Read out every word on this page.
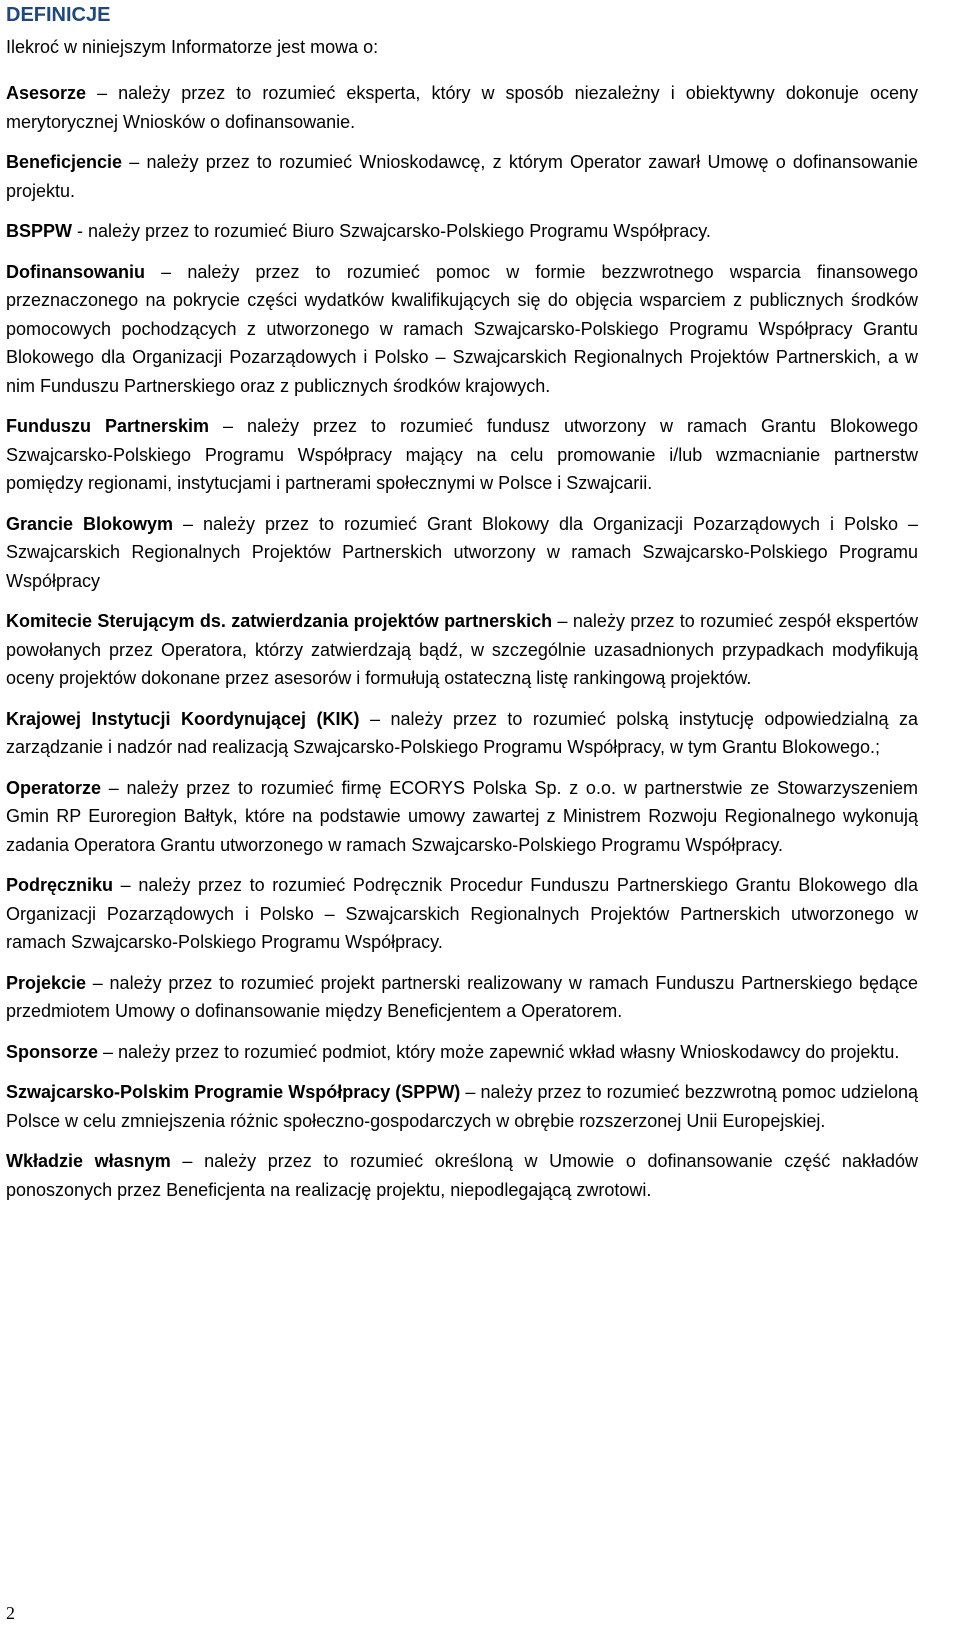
DEFINICJE

Ilekroć w niniejszym Informatorze jest mowa o:

Asesorze – należy przez to rozumieć eksperta, który w sposób niezależny i obiektywny dokonuje oceny merytorycznej Wniosków o dofinansowanie.

Beneficjencie – należy przez to rozumieć Wnioskodawcę, z którym Operator zawarł Umowę o dofinansowanie projektu.

BSPPW - należy przez to rozumieć Biuro Szwajcarsko-Polskiego Programu Współpracy.

Dofinansowaniu – należy przez to rozumieć pomoc w formie bezzwrotnego wsparcia finansowego przeznaczonego na pokrycie części wydatków kwalifikujących się do objęcia wsparciem z publicznych środków pomocowych pochodzących z utworzonego w ramach Szwajcarsko-Polskiego Programu Współpracy Grantu Blokowego dla Organizacji Pozarządowych i Polsko – Szwajcarskich Regionalnych Projektów Partnerskich, a w nim Funduszu Partnerskiego oraz z publicznych środków krajowych.

Funduszu Partnerskim – należy przez to rozumieć fundusz utworzony w ramach Grantu Blokowego Szwajcarsko-Polskiego Programu Współpracy mający na celu promowanie i/lub wzmacnianie partnerstw pomiędzy regionami, instytucjami i partnerami społecznymi w Polsce i Szwajcarii.

Grancie Blokowym – należy przez to rozumieć Grant Blokowy dla Organizacji Pozarządowych i Polsko – Szwajcarskich Regionalnych Projektów Partnerskich utworzony w ramach Szwajcarsko-Polskiego Programu Współpracy

Komitecie Sterującym ds. zatwierdzania projektów partnerskich – należy przez to rozumieć zespół ekspertów powołanych przez Operatora, którzy zatwierdzają bądź, w szczególnie uzasadnionych przypadkach modyfikują oceny projektów dokonane przez asesorów i formułują ostateczną listę rankingową projektów.

Krajowej Instytucji Koordynującej (KIK) – należy przez to rozumieć polską instytucję odpowiedzialną za zarządzanie i nadzór nad realizacją Szwajcarsko-Polskiego Programu Współpracy, w tym Grantu Blokowego.;

Operatorze – należy przez to rozumieć firmę ECORYS Polska Sp. z o.o. w partnerstwie ze Stowarzyszeniem Gmin RP Euroregion Bałtyk, które na podstawie umowy zawartej z Ministrem Rozwoju Regionalnego wykonują zadania Operatora Grantu utworzonego w ramach Szwajcarsko-Polskiego Programu Współpracy.

Podręczniku – należy przez to rozumieć Podręcznik Procedur Funduszu Partnerskiego Grantu Blokowego dla Organizacji Pozarządowych i Polsko – Szwajcarskich Regionalnych Projektów Partnerskich utworzonego w ramach Szwajcarsko-Polskiego Programu Współpracy.

Projekcie – należy przez to rozumieć projekt partnerski realizowany w ramach Funduszu Partnerskiego będące przedmiotem Umowy o dofinansowanie między Beneficjentem a Operatorem.

Sponsorze – należy przez to rozumieć podmiot, który może zapewnić wkład własny Wnioskodawcy do projektu.

Szwajcarsko-Polskim Programie Współpracy (SPPW) – należy przez to rozumieć bezzwrotną pomoc udzieloną Polsce w celu zmniejszenia różnic społeczno-gospodarczych w obrębie rozszerzonej Unii Europejskiej.

Wkładzie własnym – należy przez to rozumieć określoną w Umowie o dofinansowanie część nakładów ponoszonych przez Beneficjenta na realizację projektu, niepodlegającą zwrotowi.

2
